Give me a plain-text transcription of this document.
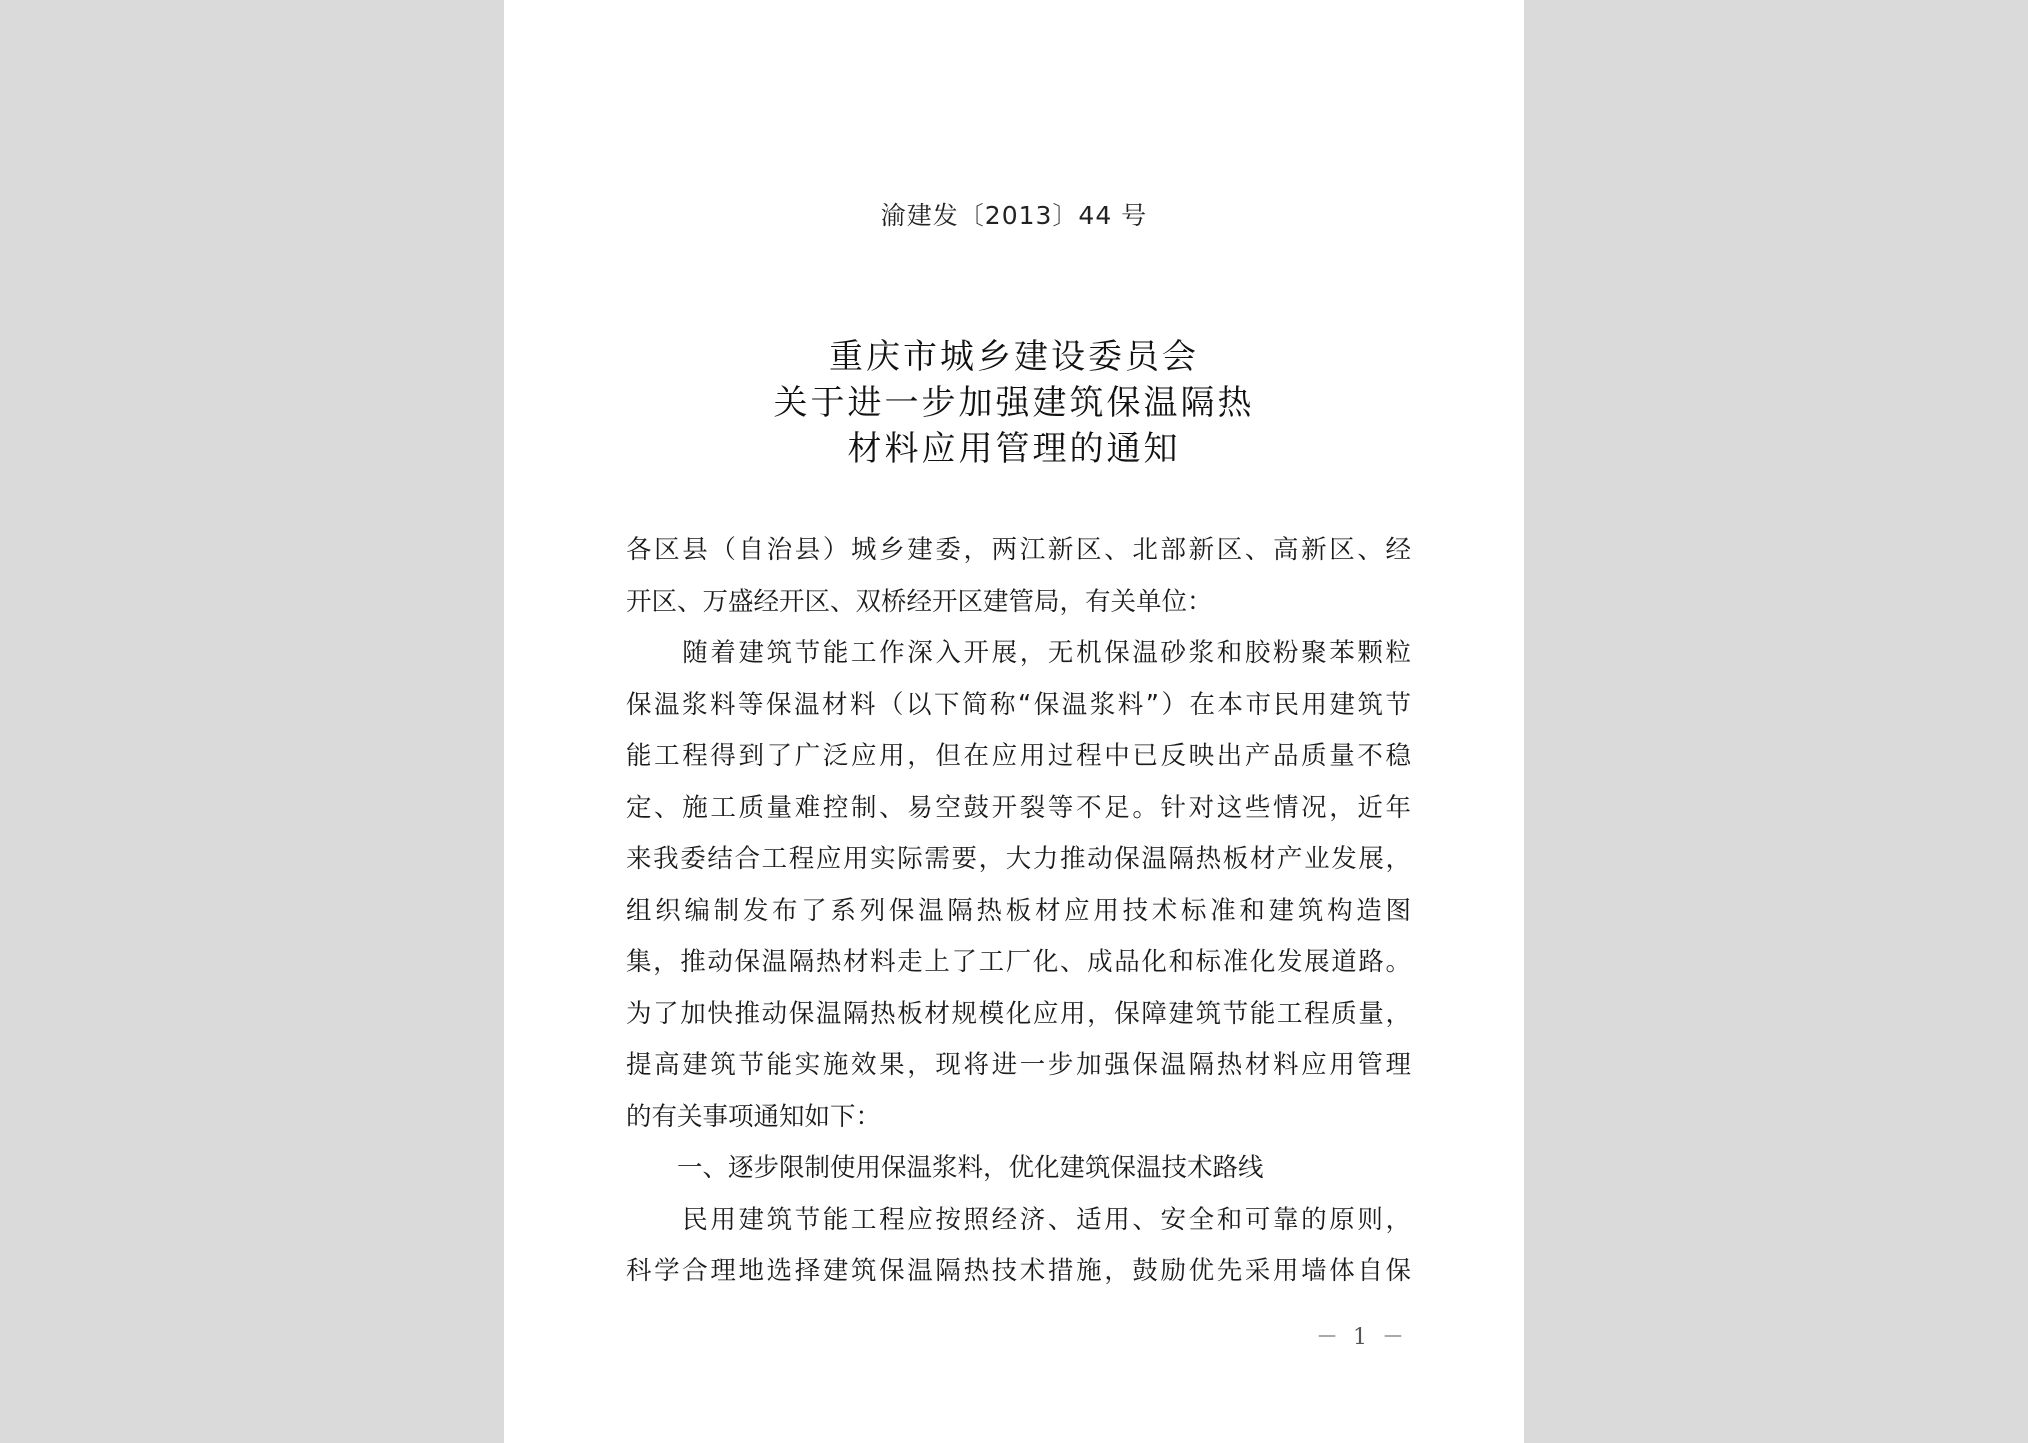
渝建发〔2013〕44 号
重庆市城乡建设委员会
关于进一步加强建筑保温隔热
材料应用管理的通知
各区县（自治县）城乡建委，两江新区、北部新区、高新区、经
开区、万盛经开区、双桥经开区建管局，有关单位：
　　随着建筑节能工作深入开展，无机保温砂浆和胶粉聚苯颗粒
保温浆料等保温材料（以下简称“保温浆料”）在本市民用建筑节
能工程得到了广泛应用，但在应用过程中已反映出产品质量不稳
定、施工质量难控制、易空鼓开裂等不足。针对这些情况，近年
来我委结合工程应用实际需要，大力推动保温隔热板材产业发展，
组织编制发布了系列保温隔热板材应用技术标准和建筑构造图
集，推动保温隔热材料走上了工厂化、成品化和标准化发展道路。
为了加快推动保温隔热板材规模化应用，保障建筑节能工程质量，
提高建筑节能实施效果，现将进一步加强保温隔热材料应用管理
的有关事项通知如下：
　　一、逐步限制使用保温浆料，优化建筑保温技术路线
　　民用建筑节能工程应按照经济、适用、安全和可靠的原则，
科学合理地选择建筑保温隔热技术措施，鼓励优先采用墙体自保
－ 1 －
